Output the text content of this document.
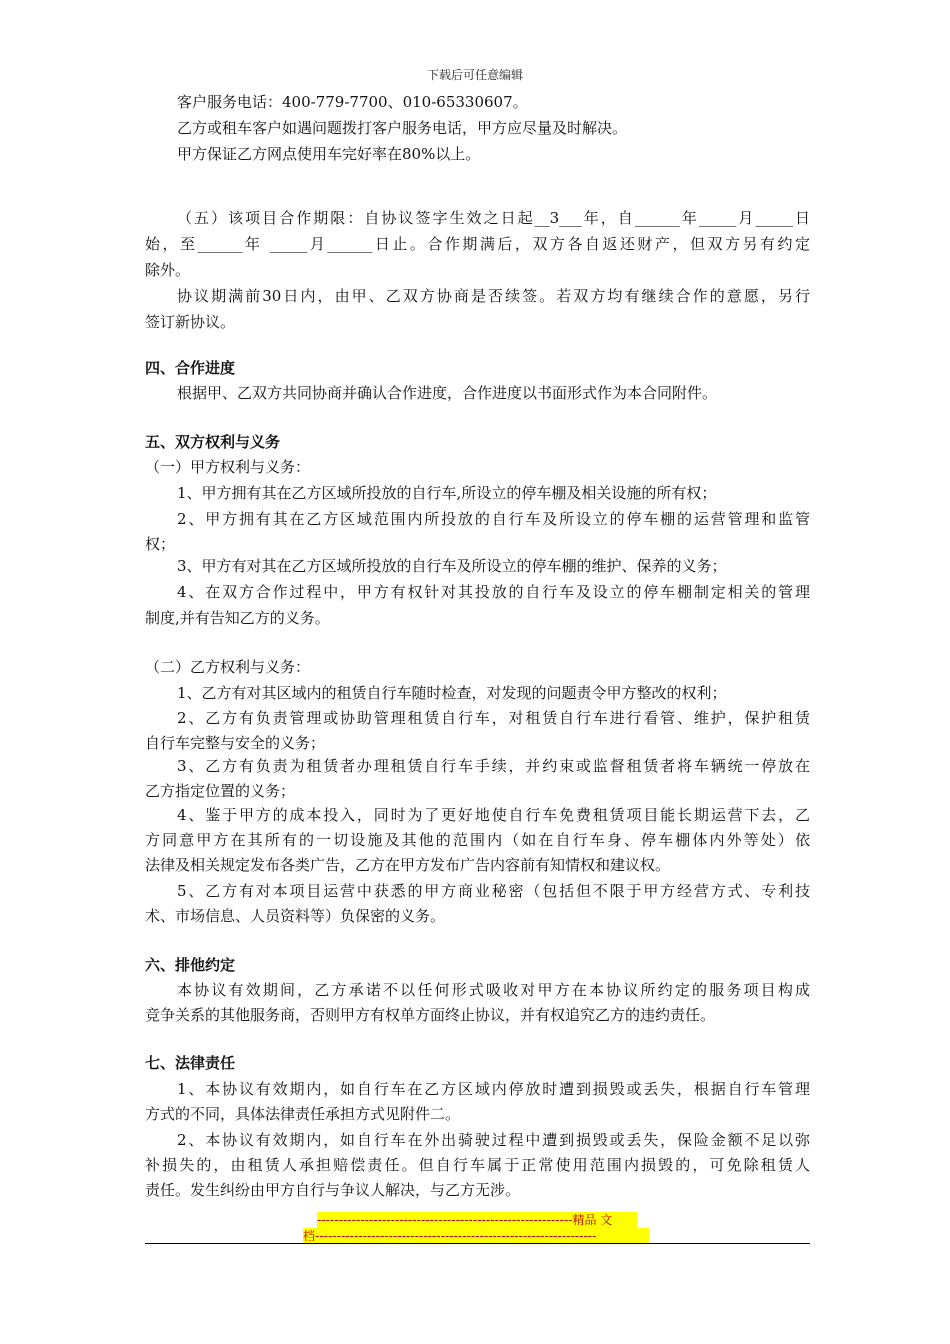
下载后可任意编辑
客户服务电话：400-779-7700、010-65330607。
乙方或租车客户如遇问题拨打客户服务电话，甲方应尽量及时解决。
甲方保证乙方网点使用车完好率在80%以上。
（五）该项目合作期限：自协议签字生效之日起__3___年，自______年_____月_____日
始，至______年 _____月______日止。合作期满后，双方各自返还财产，但双方另有约定
除外。
协议期满前30日内，由甲、乙双方协商是否续签。若双方均有继续合作的意愿，另行
签订新协议。
四、合作进度
根据甲、乙双方共同协商并确认合作进度，合作进度以书面形式作为本合同附件。
五、双方权利与义务
（一）甲方权利与义务：
1、甲方拥有其在乙方区域所投放的自行车,所设立的停车棚及相关设施的所有权；
2、甲方拥有其在乙方区域范围内所投放的自行车及所设立的停车棚的运营管理和监管
权；
3、甲方有对其在乙方区域所投放的自行车及所设立的停车棚的维护、保养的义务；
4、在双方合作过程中，甲方有权针对其投放的自行车及设立的停车棚制定相关的管理
制度,并有告知乙方的义务。
（二）乙方权利与义务：
1、乙方有对其区域内的租赁自行车随时检查，对发现的问题责令甲方整改的权利；
2、乙方有负责管理或协助管理租赁自行车，对租赁自行车进行看管、维护，保护租赁
自行车完整与安全的义务；
3、乙方有负责为租赁者办理租赁自行车手续，并约束或监督租赁者将车辆统一停放在
乙方指定位置的义务；
4、鉴于甲方的成本投入，同时为了更好地使自行车免费租赁项目能长期运营下去，乙
方同意甲方在其所有的一切设施及其他的范围内（如在自行车身、停车棚体内外等处）依
法律及相关规定发布各类广告，乙方在甲方发布广告内容前有知情权和建议权。
5、乙方有对本项目运营中获悉的甲方商业秘密（包括但不限于甲方经营方式、专利技
术、市场信息、人员资料等）负保密的义务。
六、排他约定
本协议有效期间，乙方承诺不以任何形式吸收对甲方在本协议所约定的服务项目构成
竞争关系的其他服务商，否则甲方有权单方面终止协议，并有权追究乙方的违约责任。
七、法律责任
1、本协议有效期内，如自行车在乙方区域内停放时遭到损毁或丢失，根据自行车管理
方式的不同，具体法律责任承担方式见附件二。
2、本协议有效期内，如自行车在外出骑驶过程中遭到损毁或丢失，保险金额不足以弥
补损失的，由租赁人承担赔偿责任。但自行车属于正常使用范围内损毁的，可免除租赁人
责任。发生纠纷由甲方自行与争议人解决，与乙方无涉。
-----------------------------------------------------------精品 文
档-----------------------------------------------------------------
